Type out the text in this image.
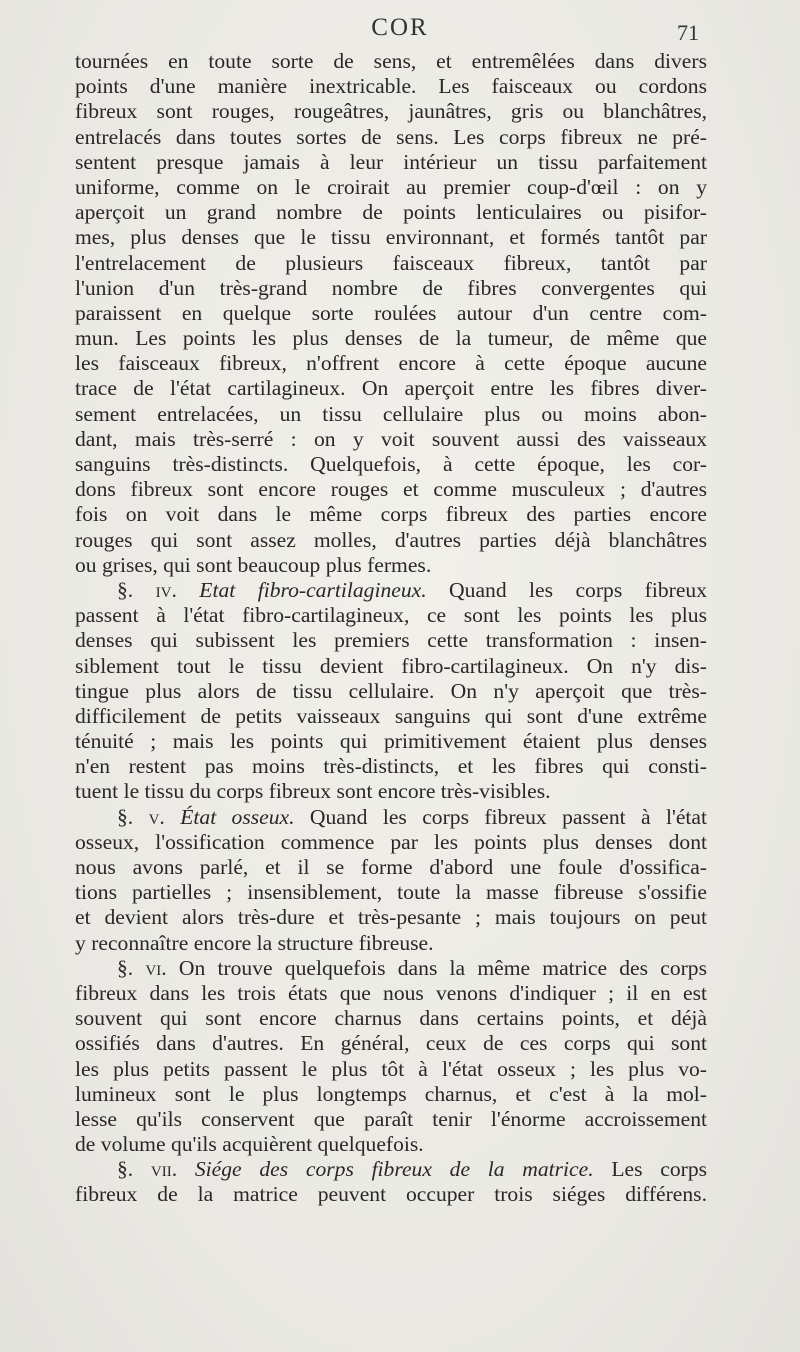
COR	71
tournées en toute sorte de sens, et entremêlées dans divers
points d'une manière inextricable. Les faisceaux ou cordons
fibreux sont rouges, rougeâtres, jaunâtres, gris ou blanchâtres,
entrelacés dans toutes sortes de sens. Les corps fibreux ne pré-
sentent presque jamais à leur intérieur un tissu parfaitement
uniforme, comme on le croirait au premier coup-d'œil : on y
aperçoit un grand nombre de points lenticulaires ou pisifor-
mes, plus denses que le tissu environnant, et formés tantôt par
l'entrelacement de plusieurs faisceaux fibreux, tantôt par
l'union d'un très-grand nombre de fibres convergentes qui
paraissent en quelque sorte roulées autour d'un centre com-
mun. Les points les plus denses de la tumeur, de même que
les faisceaux fibreux, n'offrent encore à cette époque aucune
trace de l'état cartilagineux. On aperçoit entre les fibres diver-
sement entrelacées, un tissu cellulaire plus ou moins abon-
dant, mais très-serré : on y voit souvent aussi des vaisseaux
sanguins très-distincts. Quelquefois, à cette époque, les cor-
dons fibreux sont encore rouges et comme musculeux ; d'autres
fois on voit dans le même corps fibreux des parties encore
rouges qui sont assez molles, d'autres parties déjà blanchâtres
ou grises, qui sont beaucoup plus fermes.
§. iv. Etat fibro-cartilagineux. Quand les corps fibreux
passent à l'état fibro-cartilagineux, ce sont les points les plus
denses qui subissent les premiers cette transformation : insen-
siblement tout le tissu devient fibro-cartilagineux. On n'y dis-
tingue plus alors de tissu cellulaire. On n'y aperçoit que très-
difficilement de petits vaisseaux sanguins qui sont d'une extrême
ténuité ; mais les points qui primitivement étaient plus denses
n'en restent pas moins très-distincts, et les fibres qui consti-
tuent le tissu du corps fibreux sont encore très-visibles.
§. v. État osseux. Quand les corps fibreux passent à l'état
osseux, l'ossification commence par les points plus denses dont
nous avons parlé, et il se forme d'abord une foule d'ossifica-
tions partielles ; insensiblement, toute la masse fibreuse s'ossifie
et devient alors très-dure et très-pesante ; mais toujours on peut
y reconnaître encore la structure fibreuse.
§. vi. On trouve quelquefois dans la même matrice des corps
fibreux dans les trois états que nous venons d'indiquer ; il en est
souvent qui sont encore charnus dans certains points, et déjà
ossifiés dans d'autres. En général, ceux de ces corps qui sont
les plus petits passent le plus tôt à l'état osseux ; les plus vo-
lumineux sont le plus longtemps charnus, et c'est à la mol-
lesse qu'ils conservent que paraît tenir l'énorme accroissement
de volume qu'ils acquièrent quelquefois.
§. vii. Siége des corps fibreux de la matrice. Les corps
fibreux de la matrice peuvent occuper trois siéges différens.
